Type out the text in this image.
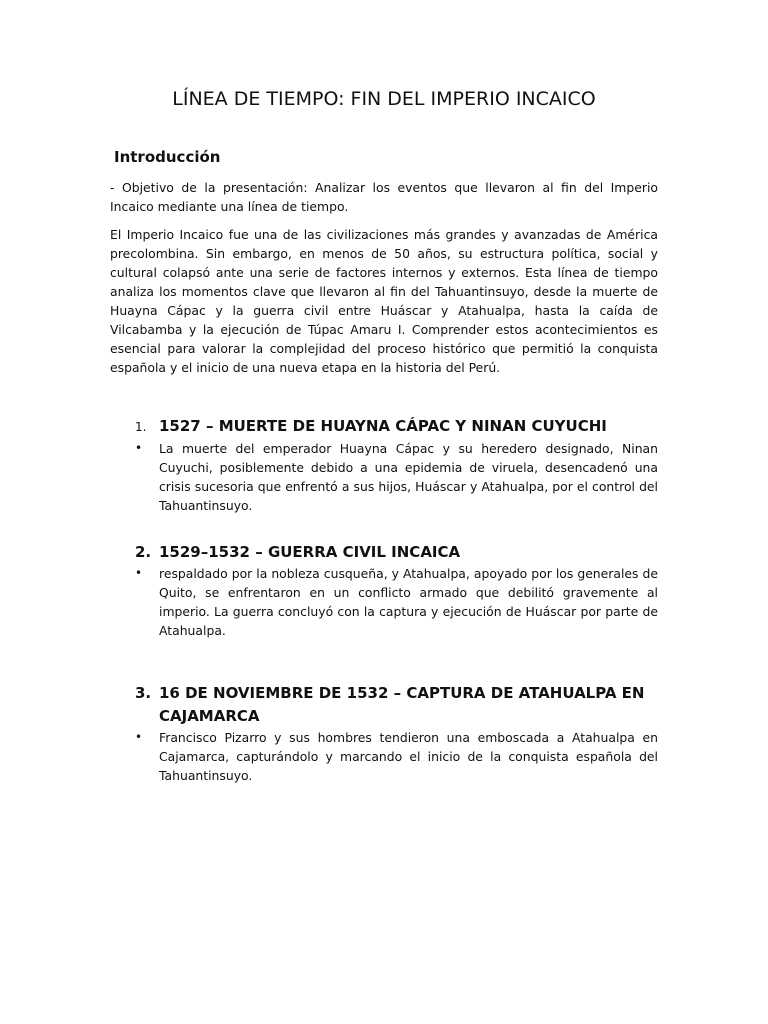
LÍNEA DE TIEMPO: FIN DEL IMPERIO INCAICO
Introducción

- Objetivo de la presentación: Analizar los eventos que llevaron al fin del Imperio Incaico mediante una línea de tiempo.

El Imperio Incaico fue una de las civilizaciones más grandes y avanzadas de América precolombina. Sin embargo, en menos de 50 años, su estructura política, social y cultural colapsó ante una serie de factores internos y externos. Esta línea de tiempo analiza los momentos clave que llevaron al fin del Tahuantinsuyo, desde la muerte de Huayna Cápac y la guerra civil entre Huáscar y Atahualpa, hasta la caída de Vilcabamba y la ejecución de Túpac Amaru I. Comprender estos acontecimientos es esencial para valorar la complejidad del proceso histórico que permitió la conquista española y el inicio de una nueva etapa en la historia del Perú.

1. 1527 – MUERTE DE HUAYNA CÁPAC Y NINAN CUYUCHI
•	La muerte del emperador Huayna Cápac y su heredero designado, Ninan Cuyuchi, posiblemente debido a una epidemia de viruela, desencadenó una crisis sucesoria que enfrentó a sus hijos, Huáscar y Atahualpa, por el control del Tahuantinsuyo.
2. 1529–1532 – GUERRA CIVIL INCAICA
•	respaldado por la nobleza cusqueña, y Atahualpa, apoyado por los generales de Quito, se enfrentaron en un conflicto armado que debilitó gravemente al imperio. La guerra concluyó con la captura y ejecución de Huáscar por parte de Atahualpa.
3. 16 DE NOVIEMBRE DE 1532 – CAPTURA DE ATAHUALPA EN CAJAMARCA
•	Francisco Pizarro y sus hombres tendieron una emboscada a Atahualpa en Cajamarca, capturándolo y marcando el inicio de la conquista española del Tahuantinsuyo.
